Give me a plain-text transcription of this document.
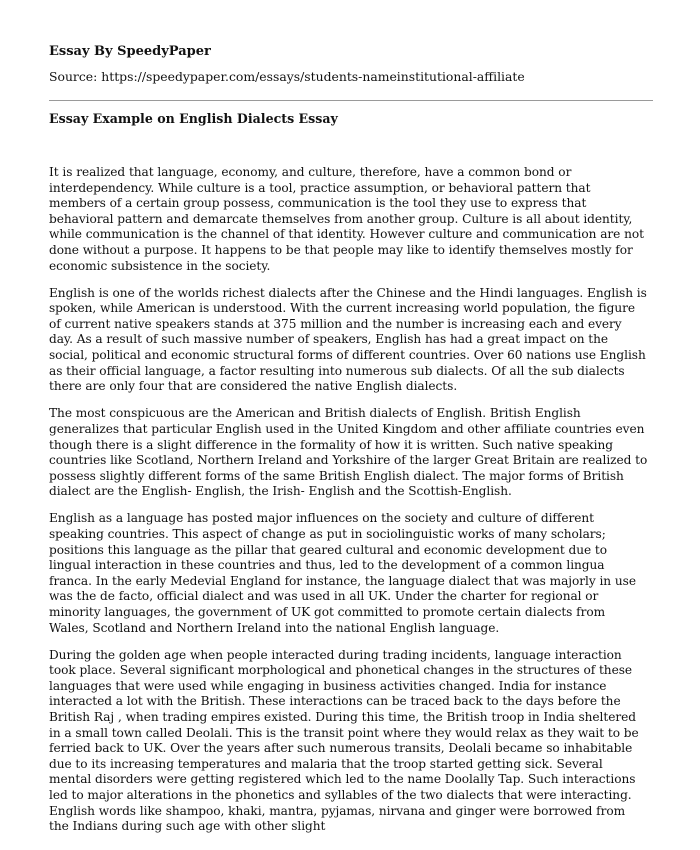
Essay By SpeedyPaper
Source: https://speedypaper.com/essays/students-nameinstitutional-affiliate
Essay Example on English Dialects Essay

It is realized that language, economy, and culture, therefore, have a common bond or interdependency. While culture is a tool, practice assumption, or behavioral pattern that members of a certain group possess, communication is the tool they use to express that behavioral pattern and demarcate themselves from another group. Culture is all about identity, while communication is the channel of that identity. However culture and communication are not done without a purpose. It happens to be that people may like to identify themselves mostly for economic subsistence in the society.

English is one of the worlds richest dialects after the Chinese and the Hindi languages. English is spoken, while American is understood. With the current increasing world population, the figure of current native speakers stands at 375 million and the number is increasing each and every day. As a result of such massive number of speakers, English has had a great impact on the social, political and economic structural forms of different countries. Over 60 nations use English as their official language, a factor resulting into numerous sub dialects. Of all the sub dialects there are only four that are considered the native English dialects.

The most conspicuous are the American and British dialects of English. British English generalizes that particular English used in the United Kingdom and other affiliate countries even though there is a slight difference in the formality of how it is written. Such native speaking countries like Scotland, Northern Ireland and Yorkshire of the larger Great Britain are realized to possess slightly different forms of the same British English dialect. The major forms of British dialect are the English- English, the Irish- English and the Scottish-English.

English as a language has posted major influences on the society and culture of different speaking countries. This aspect of change as put in sociolinguistic works of many scholars; positions this language as the pillar that geared cultural and economic development due to lingual interaction in these countries and thus, led to the development of a common lingua franca. In the early Medevial England for instance, the language dialect that was majorly in use was the de facto, official dialect and was used in all UK. Under the charter for regional or minority languages, the government of UK got committed to promote certain dialects from Wales, Scotland and Northern Ireland into the national English language.

During the golden age when people interacted during trading incidents, language interaction took place. Several significant morphological and phonetical changes in the structures of these languages that were used while engaging in business activities changed. India for instance interacted a lot with the British. These interactions can be traced back to the days before the British Raj , when trading empires existed. During this time, the British troop in India sheltered in a small town called Deolali. This is the transit point where they would relax as they wait to be ferried back to UK. Over the years after such numerous transits, Deolali became so inhabitable due to its increasing temperatures and malaria that the troop started getting sick. Several mental disorders were getting registered which led to the name Doolally Tap. Such interactions led to major alterations in the phonetics and syllables of the two dialects that were interacting. English words like shampoo, khaki, mantra, pyjamas, nirvana and ginger were borrowed from the Indians during such age with other slight
